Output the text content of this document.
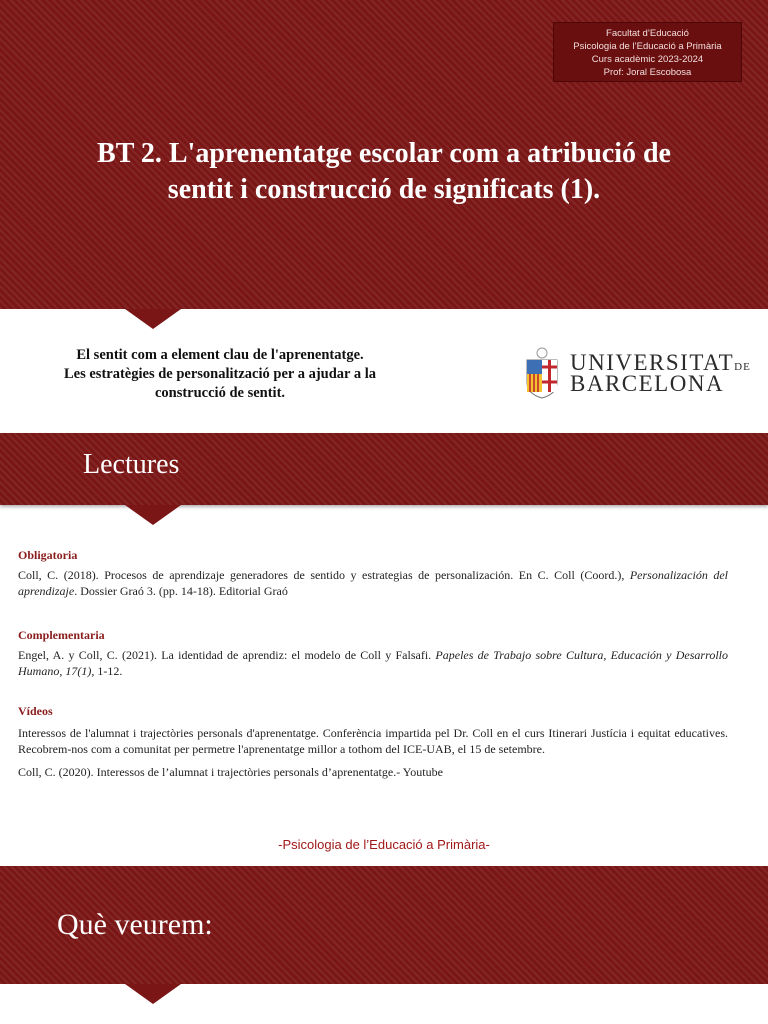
Facultat d’Educació
Psicologia de l’Educació a Primària
Curs acadèmic 2023-2024
Prof: Joral Escobosa
BT 2. L'aprenentatge escolar com a atribució de
sentit i construcció de significats (1).
El sentit com a element clau de l'aprenentatge.
Les estratègies de personalització per a ajudar a la
construcció de sentit.
UNIVERSITATDE
BARCELONA
Lectures
Obligatoria
Coll, C. (2018). Procesos de aprendizaje generadores de sentido y estrategias de personalización. En C. Coll (Coord.), Personalización del aprendizaje. Dossier Graó 3. (pp. 14-18). Editorial Graó
Complementaria
Engel, A. y Coll, C. (2021). La identidad de aprendiz: el modelo de Coll y Falsafi. Papeles de Trabajo sobre Cultura, Educación y Desarrollo Humano, 17(1), 1-12.
Vídeos
Interessos de l'alumnat i trajectòries personals d'aprenentatge. Conferència impartida pel Dr. Coll en el curs Itinerari Justícia i equitat educatives. Recobrem-nos com a comunitat per permetre l'aprenentatge millor a tothom del ICE-UAB, el 15 de setembre.
Coll, C. (2020). Interessos de l’alumnat i trajectòries personals d’aprenentatge.- Youtube
-Psicologia de l’Educació a Primària-
Què veurem:
